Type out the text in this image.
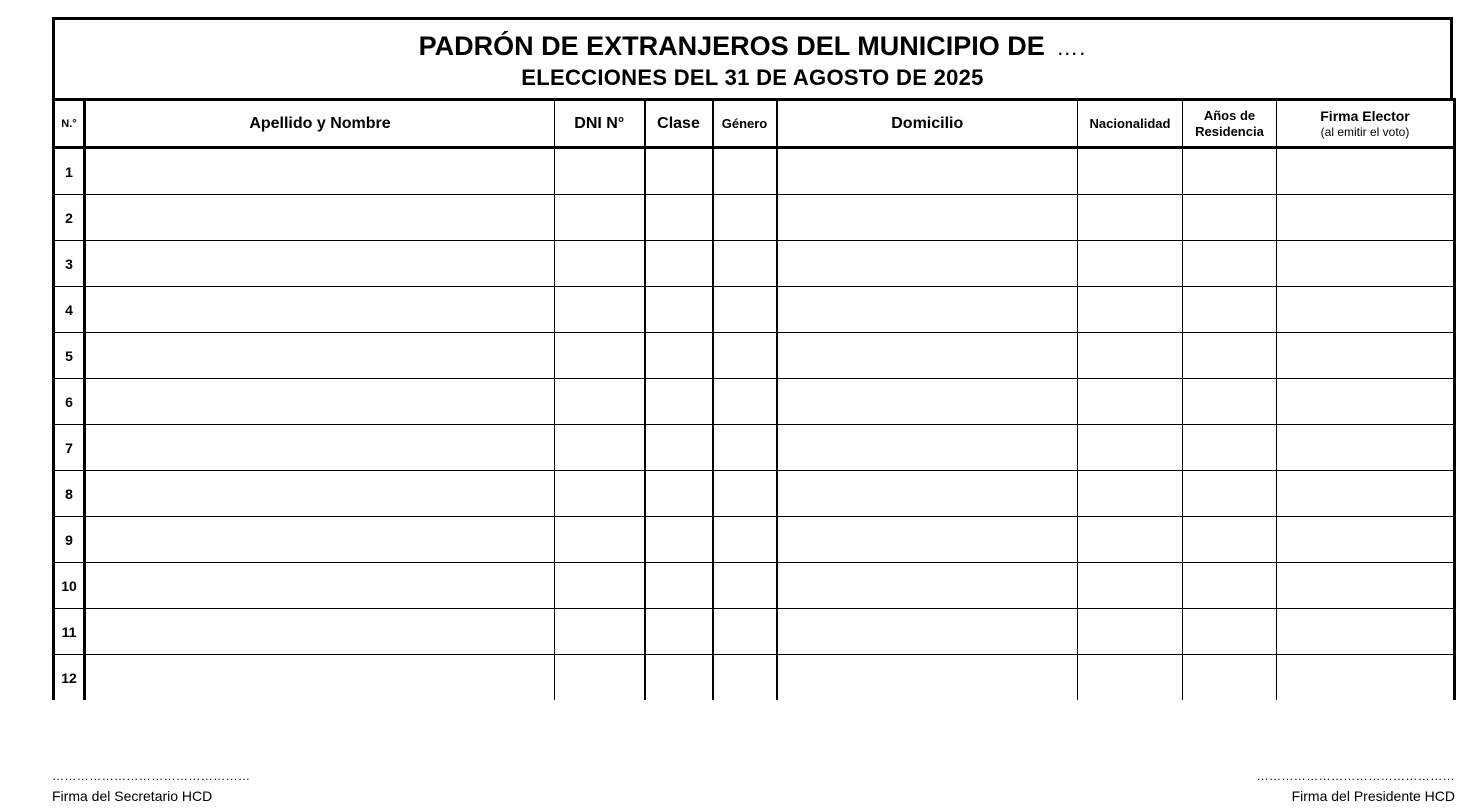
PADRÓN DE EXTRANJEROS DEL MUNICIPIO DE ….
ELECCIONES DEL 31 DE AGOSTO DE 2025
N.°	Apellido y Nombre	DNI N°	Clase	Género	Domicilio	Nacionalidad	Años de Residencia	Firma Elector
(al emitir el voto)

1								
2								
3								
4								
5								
6								
7								
8								
9								
10								
11								
12								
…………………………………………
Firma del Secretario HCD
…………………………………………
Firma del Presidente HCD
